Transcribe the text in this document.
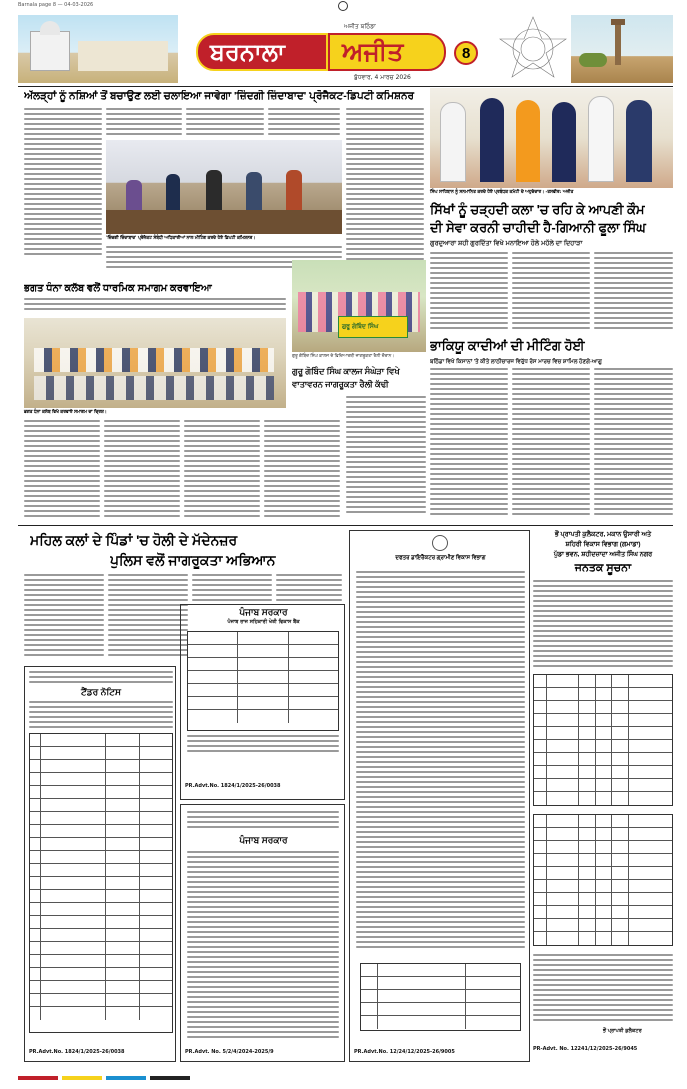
Barnala page 8 — 04-03-2026
ਅਜੀਤ ਬਠਿੰਡਾ
ਬਰਨਾਲਾ ਅਜੀਤ
ਬੁੱਧਵਾਰ, 4 ਮਾਰਚ 2026
8
ਅੱਲੜ੍ਹਾਂ ਨੂੰ ਨਸ਼ਿਆਂ ਤੋਂ ਬਚਾਉਣ ਲਈ ਚਲਾਇਆ ਜਾਵੇਗਾ 'ਜ਼ਿੰਦਗੀ ਜ਼ਿੰਦਾਬਾਦ' ਪ੍ਰੋਜੈਕਟ-ਡਿਪਟੀ ਕਮਿਸ਼ਨਰ
'ਜ਼ਿੰਦਗੀ ਜ਼ਿੰਦਾਬਾਦ' ਪ੍ਰੋਜੈਕਟ ਸੰਬੰਧੀ ਅਧਿਕਾਰੀਆਂ ਨਾਲ ਮੀਟਿੰਗ ਕਰਦੇ ਹੋਏ ਡਿਪਟੀ ਕਮਿਸ਼ਨਰ।
ਸਿੰਘ ਸਾਹਿਬਾਨ ਨੂੰ ਸਨਮਾਨਿਤ ਕਰਦੇ ਹੋਏ ਪ੍ਰਬੰਧਕ ਕਮੇਟੀ ਦੇ ਅਹੁਦੇਦਾਰ। -ਤਸਵੀਰ: ਅਜੀਤ
ਸਿੱਖਾਂ ਨੂੰ ਚੜ੍ਹਦੀ ਕਲਾ 'ਚ ਰਹਿ ਕੇ ਆਪਣੀ ਕੌਮ
ਦੀ ਸੇਵਾ ਕਰਨੀ ਚਾਹੀਦੀ ਹੈ-ਗਿਆਨੀ ਫੂਲਾ ਸਿੰਘ
ਗੁਰਦੁਆਰਾ ਸ਼ਹੀ ਗੁਰਦਿੱਤਾ ਵਿਖੇ ਮਨਾਇਆ ਹੋਲੇ ਮਹੱਲੇ ਦਾ ਦਿਹਾੜਾ
ਭਗਤ ਧੰਨਾ ਕਲੱਬ ਵਲੋਂ ਧਾਰਮਿਕ ਸਮਾਗਮ ਕਰਵਾਇਆ
ਭਗਤ ਧੰਨਾ ਕਲੱਬ ਵਿਖੇ ਕਰਵਾਏ ਸਮਾਗਮ ਦਾ ਦ੍ਰਿਸ਼।
ਗੁਰੂ ਗੋਬਿੰਦ ਸਿੰਘ
ਗੁਰੂ ਗੋਬਿੰਦ ਸਿੰਘ ਕਾਲਜ ਦੇ ਵਿਦਿਆਰਥੀ ਜਾਗਰੂਕਤਾ ਰੈਲੀ ਦੌਰਾਨ।
ਗੁਰੂ ਗੋਬਿੰਦ ਸਿੰਘ ਕਾਲਜ ਸੰਘੇੜਾ ਵਿਖੇ
ਵਾਤਾਵਰਨ ਜਾਗਰੂਕਤਾ ਰੈਲੀ ਕੱਢੀ
ਭਾਕਿਯੂ ਕਾਦੀਆਂ ਦੀ ਮੀਟਿੰਗ ਹੋਈ
ਬਠਿੰਡਾ ਵਿਖੇ ਕਿਸਾਨਾਂ 'ਤੇ ਕੀਤੇ ਲਾਠੀਚਾਰਜ ਵਿਰੁੱਧ ਰੋਸ ਮਾਰਚ ਵਿਚ ਸ਼ਾਮਿਲ ਹੋਣਗੇ-ਆਗੂ
ਮਹਿਲ ਕਲਾਂ ਦੇ ਪਿੰਡਾਂ 'ਚ ਹੋਲੀ ਦੇ ਮੱਦੇਨਜ਼ਰ
ਪੁਲਿਸ ਵਲੋਂ ਜਾਗਰੂਕਤਾ ਅਭਿਆਨ
ਪੰਜਾਬ ਸਰਕਾਰ
ਪੰਜਾਬ ਰਾਜ ਸਹਿਕਾਰੀ ਖੇਤੀ ਵਿਕਾਸ ਬੈਂਕ
PR.Advt.No. 1824/1/2025-26/0038
ਪੰਜਾਬ ਸਰਕਾਰ
PR.Advt. No. 5/2/4/2024-2025/9
ਟੈਂਡਰ ਨੋਟਿਸ
PR.Advt.No. 1824/1/2025-26/0038
ਦਫਤਰ ਡਾਇਰੈਕਟਰ ਗ੍ਰਾਮੀਣ ਵਿਕਾਸ ਵਿਭਾਗ
PR.Advt.No. 12/24/12/2025-26/9005
ਭੌਂ ਪ੍ਰਾਪਤੀ ਕੁਲੈਕਟਰ, ਮਕਾਨ ਉਸਾਰੀ ਅਤੇ
ਸ਼ਹਿਰੀ ਵਿਕਾਸ ਵਿਭਾਗ (ਗਮਾਡਾ)
ਪੁੱਡਾ ਭਵਨ, ਸ਼ਹੀਦਜ਼ਾਦਾ ਅਜੀਤ ਸਿੰਘ ਨਗਰ
ਜਨਤਕ ਸੂਚਨਾ
ਭੌਂ ਪ੍ਰਾਪਤੀ ਕੁਲੈਕਟਰ
PR-Advt. No. 12241/12/2025-26/9045
